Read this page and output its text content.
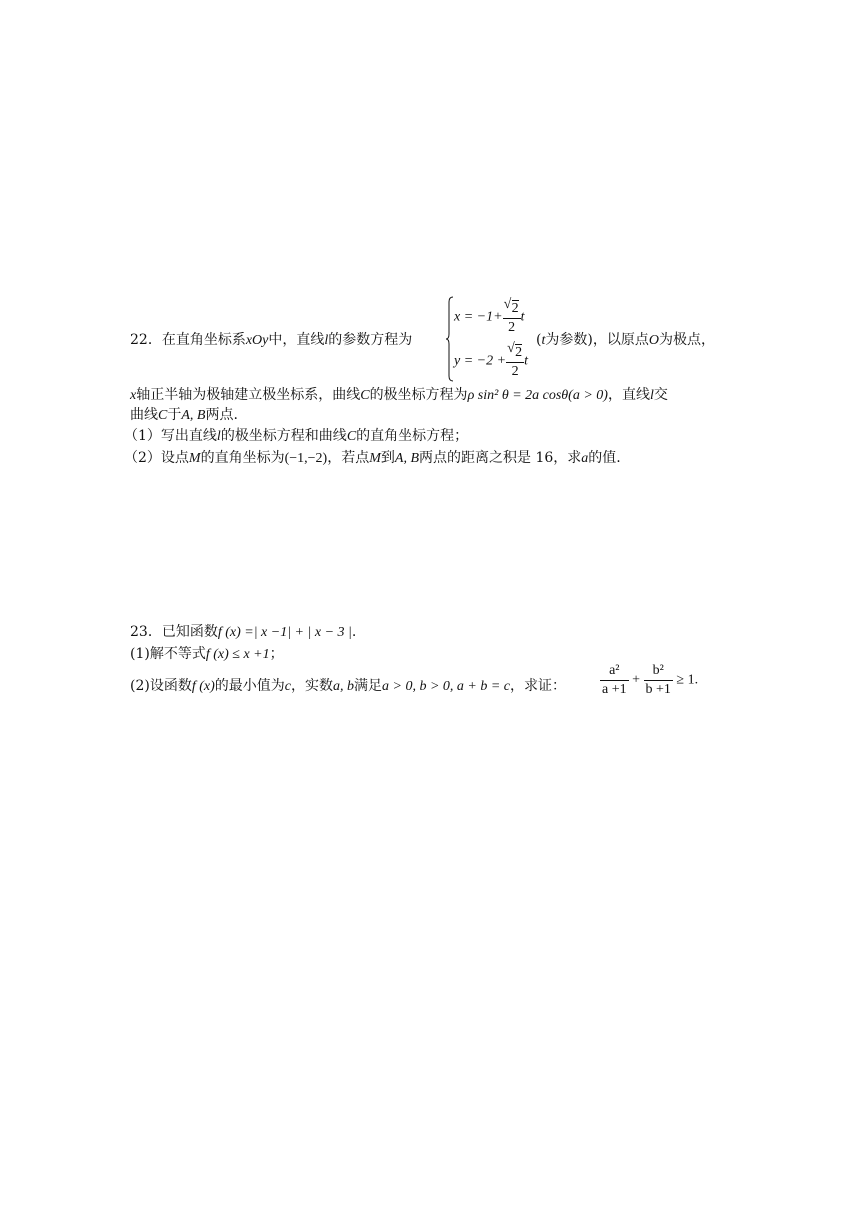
22．在直角坐标系xOy中，直线l的参数方程为
x = −1+ √ $\frac{2}{2}$ t
y = −2 + √ $\frac{2}{2}$ t
(t为参数)，以原点O为极点，
x轴正半轴为极轴建立极坐标系，曲线C的极坐标方程为ρ sin² θ = 2a cosθ(a > 0)，直线l交
曲线C于A, B两点.
（1）写出直线l的极坐标方程和曲线C的直角坐标方程；
（2）设点M的直角坐标为(−1,−2)，若点M到A, B两点的距离之积是 16，求a的值.
23．已知函数f (x) =| x −1| + | x − 3 |.
(1)解不等式f (x) ≤ x +1；
(2)设函数f (x)的最小值为c，实数a, b满足a > 0, b > 0, a + b = c，求证： $\frac{\text{a²}}{a +1} + \frac{\text{b²}}{b +1} \ge 1$.
